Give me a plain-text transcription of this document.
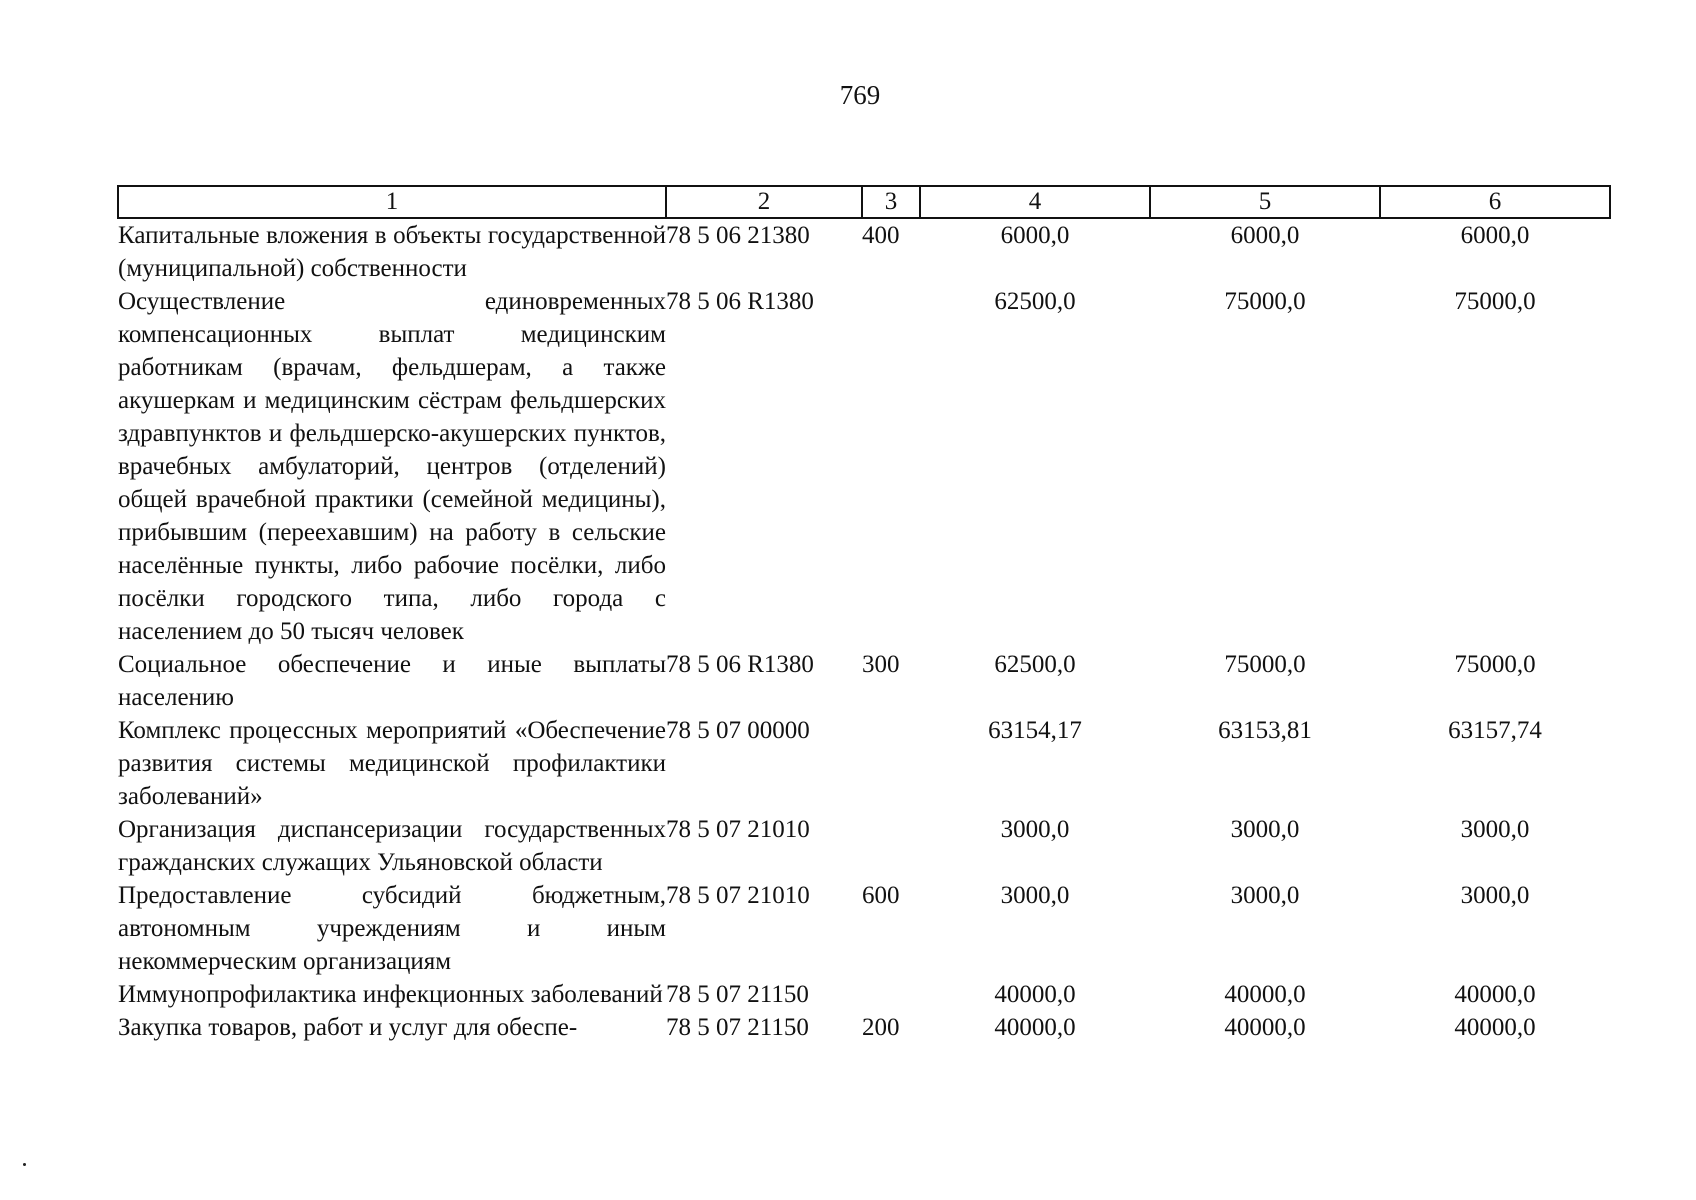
769
1	2	3	4	5	6
Капитальные вложения в объекты государственной (муниципальной) собственности	78 5 06 21380	400	6000,0	6000,0	6000,0
Осуществление единовременных компенсационных выплат медицинским работникам (врачам, фельдшерам, а также акушеркам и медицинским сёстрам фельдшерских здравпунктов и фельдшерско-акушерских пунктов, врачебных амбулаторий, центров (отделений) общей врачебной практики (семейной медицины), прибывшим (переехавшим) на работу в сельские населённые пункты, либо рабочие посёлки, либо посёлки городского типа, либо города с населением до 50 тысяч человек	78 5 06 R1380		62500,0	75000,0	75000,0
Социальное обеспечение и иные выплаты населению	78 5 06 R1380	300	62500,0	75000,0	75000,0
Комплекс процессных мероприятий «Обеспечение развития системы медицинской профилактики заболеваний»	78 5 07 00000		63154,17	63153,81	63157,74
Организация диспансеризации государственных гражданских служащих Ульяновской области	78 5 07 21010		3000,0	3000,0	3000,0
Предоставление субсидий бюджетным, автономным учреждениям и иным некоммерческим организациям	78 5 07 21010	600	3000,0	3000,0	3000,0
Иммунопрофилактика инфекционных заболеваний	78 5 07 21150		40000,0	40000,0	40000,0
Закупка товаров, работ и услуг для обеспе-	78 5 07 21150	200	40000,0	40000,0	40000,0
